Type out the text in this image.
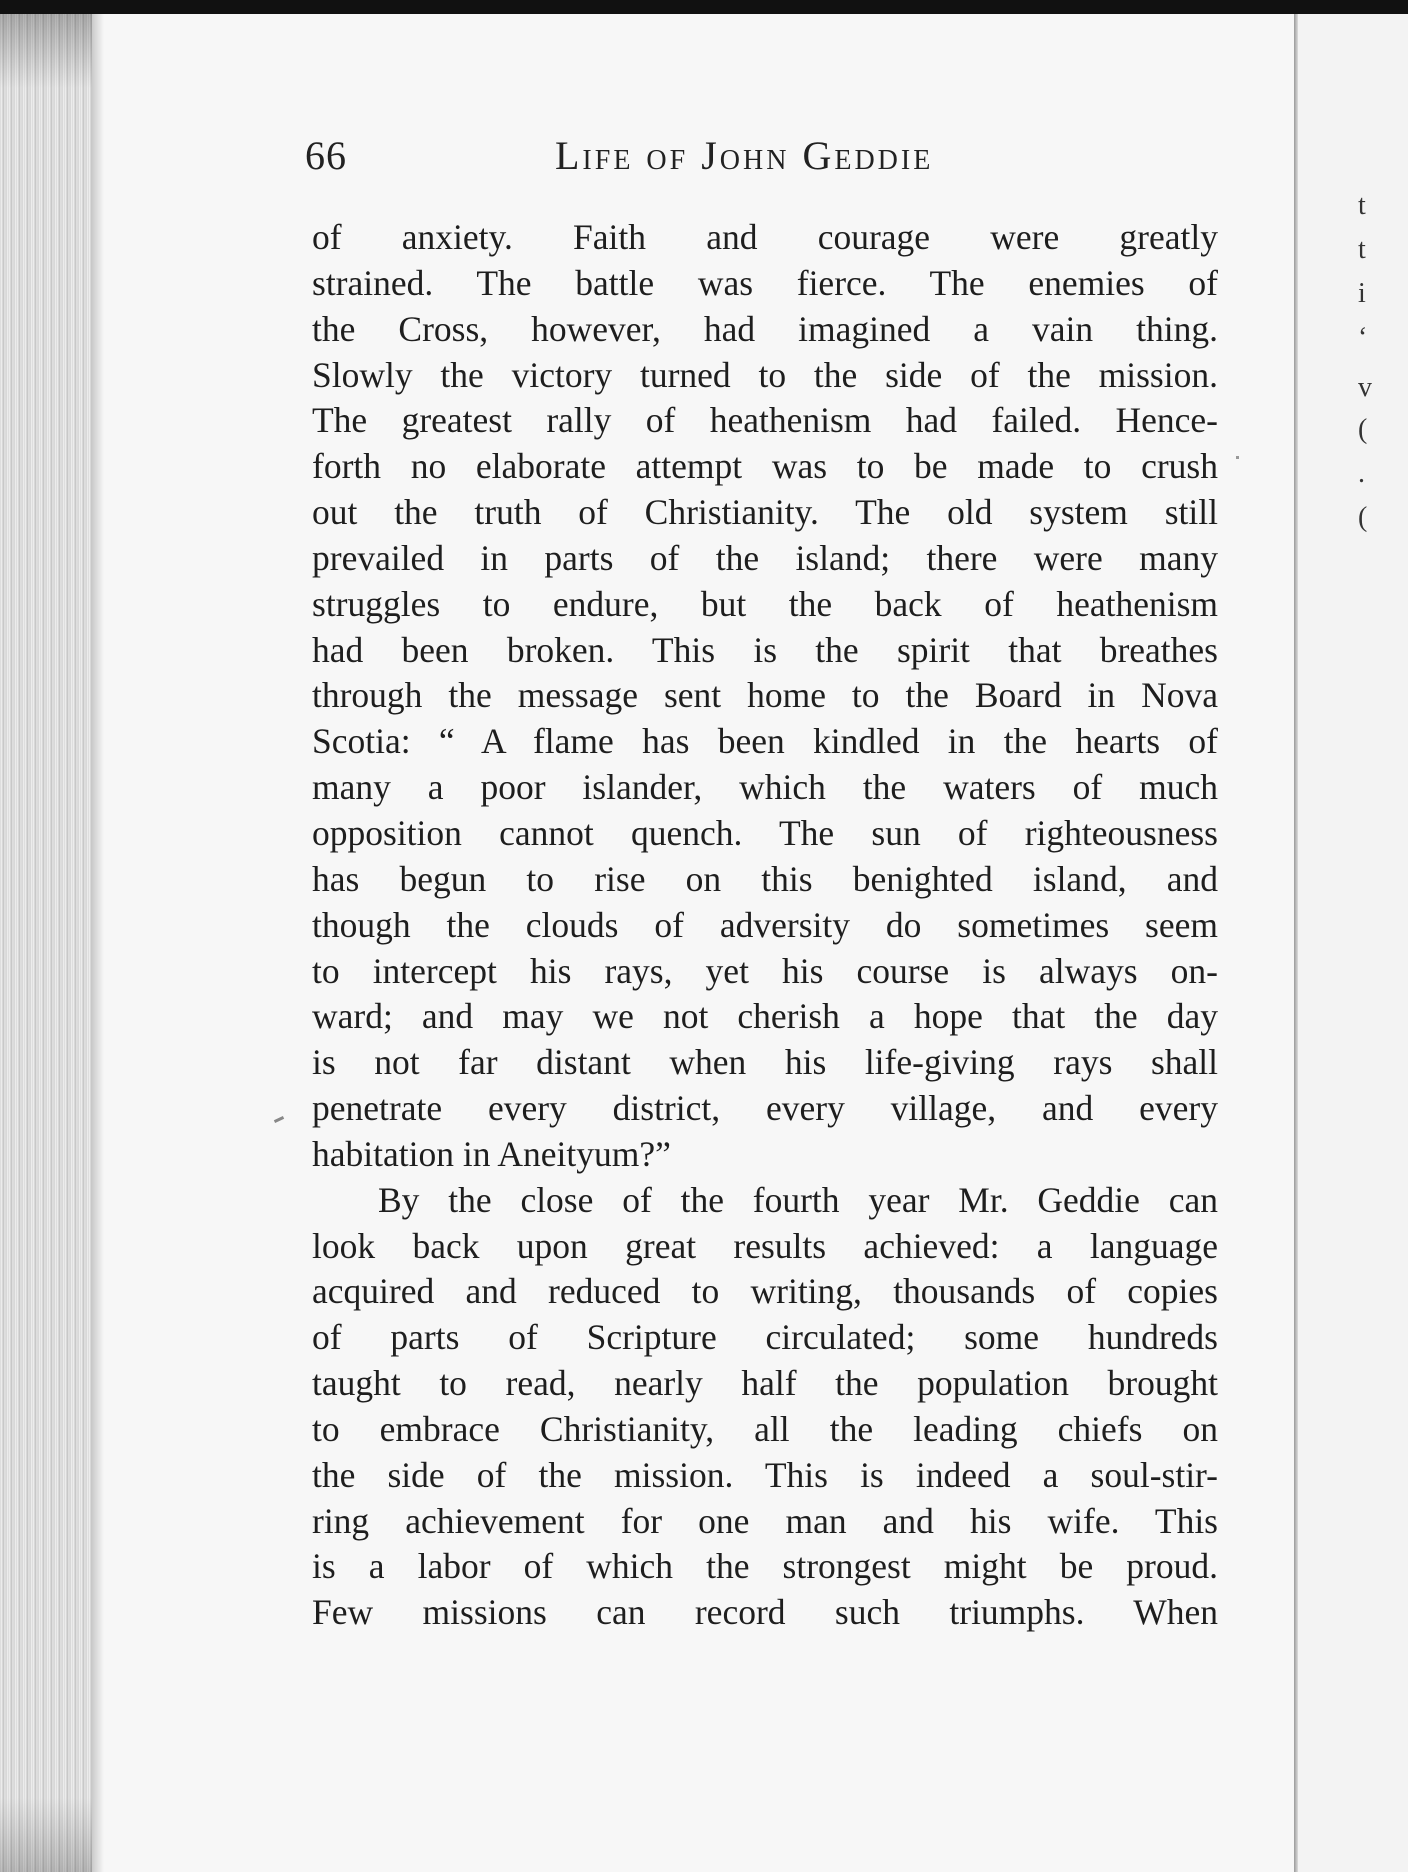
t
t
i
‘
v
(
.
(
66	Life of John Geddie
of anxiety. Faith and courage were greatly
strained. The battle was fierce. The enemies of
the Cross, however, had imagined a vain thing.
Slowly the victory turned to the side of the mission.
The greatest rally of heathenism had failed. Hence-
forth no elaborate attempt was to be made to crush
out the truth of Christianity. The old system still
prevailed in parts of the island; there were many
struggles to endure, but the back of heathenism
had been broken. This is the spirit that breathes
through the message sent home to the Board in Nova
Scotia: “ A flame has been kindled in the hearts of
many a poor islander, which the waters of much
opposition cannot quench. The sun of righteousness
has begun to rise on this benighted island, and
though the clouds of adversity do sometimes seem
to intercept his rays, yet his course is always on-
ward; and may we not cherish a hope that the day
is not far distant when his life-giving rays shall
penetrate every district, every village, and every
habitation in Aneityum?”
By the close of the fourth year Mr. Geddie can
look back upon great results achieved: a language
acquired and reduced to writing, thousands of copies
of parts of Scripture circulated; some hundreds
taught to read, nearly half the population brought
to embrace Christianity, all the leading chiefs on
the side of the mission. This is indeed a soul-stir-
ring achievement for one man and his wife. This
is a labor of which the strongest might be proud.
Few missions can record such triumphs. When
